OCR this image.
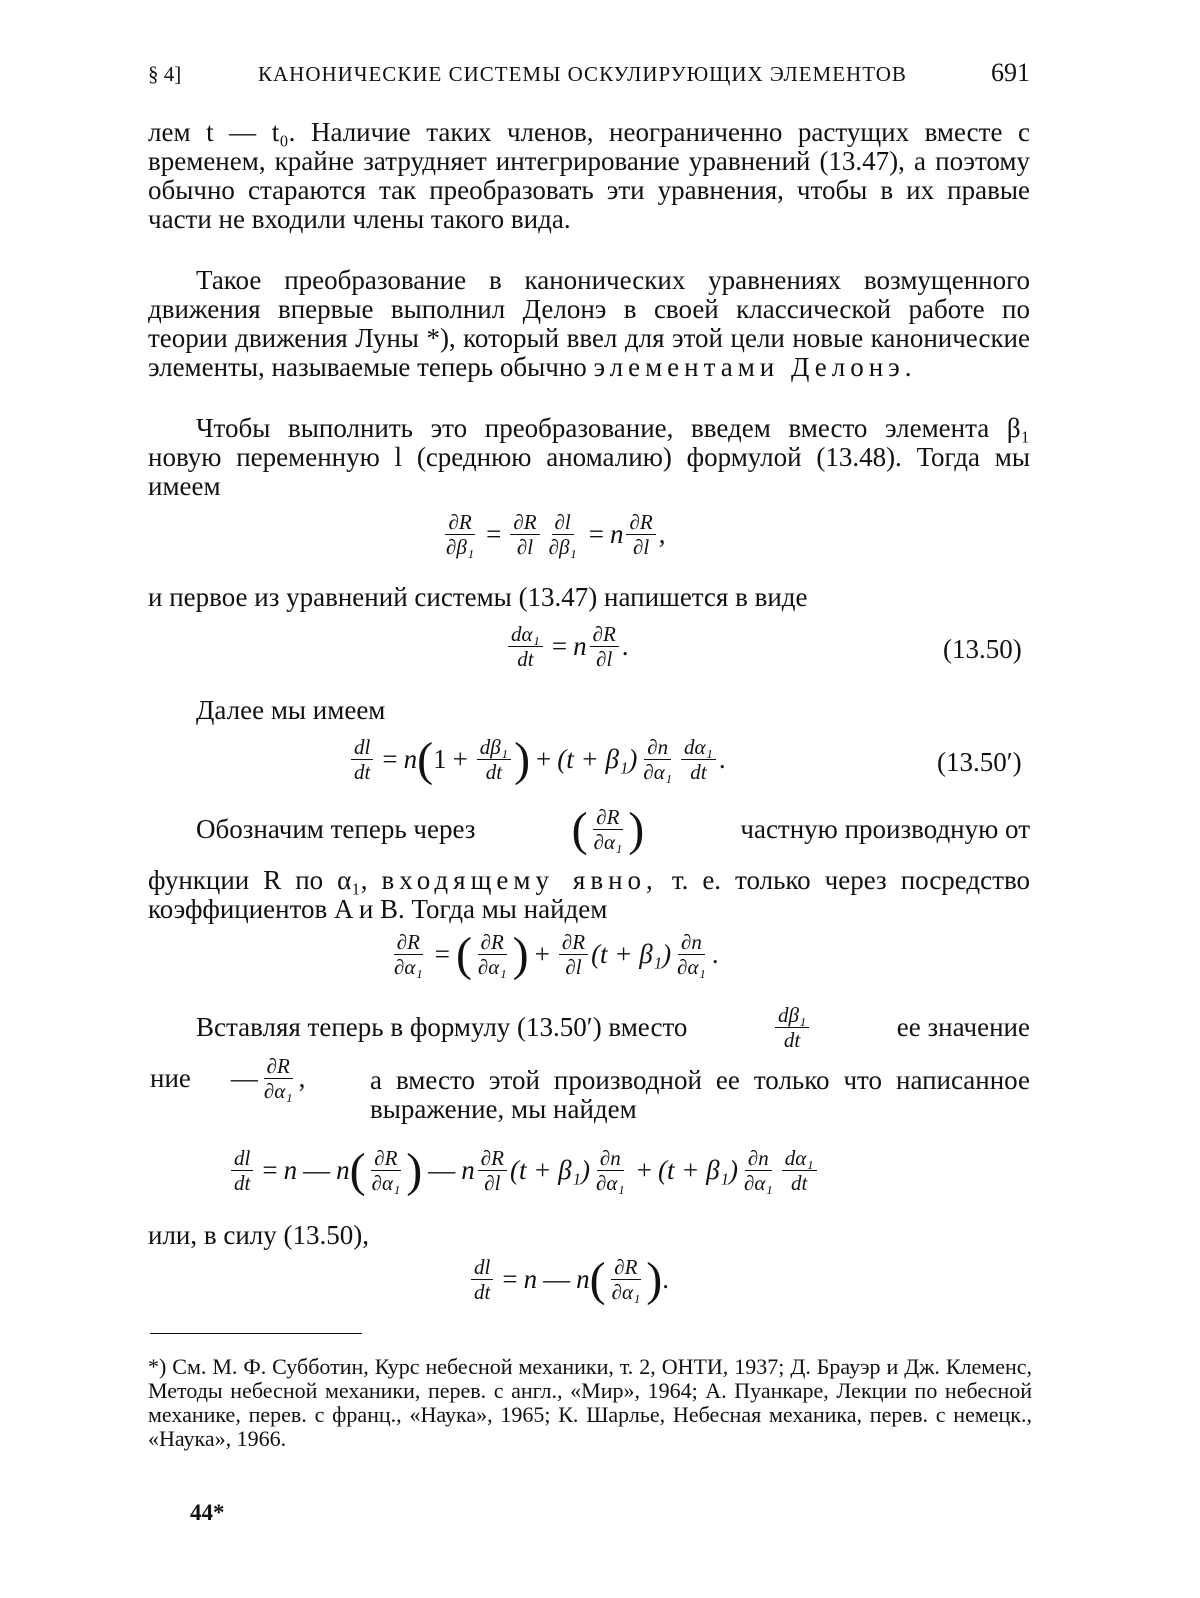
§ 4]	КАНОНИЧЕСКИЕ СИСТЕМЫ ОСКУЛИРУЮЩИХ ЭЛЕМЕНТОВ	691
лем t — t₀. Наличие таких членов, неограниченно растущих вместе с временем, крайне затрудняет интегрирование уравнений (13.47), а поэтому обычно стараются так преобразовать эти уравнения, чтобы в их правые части не входили члены такого вида.
Такое преобразование в канонических уравнениях возмущенного движения впервые выполнил Делонэ в своей классической работе по теории движения Луны *), который ввел для этой цели новые канонические элементы, называемые теперь обычно элементами Делонэ.
Чтобы выполнить это преобразование, введем вместо элемента β₁ новую переменную l (среднюю аномалию) формулой (13.48). Тогда мы имеем
$\frac{\partial R}{\text{∂β₁}} = \frac{\partial R}{\partial l} \frac{\partial l}{\text{∂β₁}} = n \frac{\partial R}{\partial l}$ ,
и первое из уравнений системы (13.47) напишется в виде
$\frac{\text{dα₁}}{dt} = n \frac{\partial R}{\partial l}$ .	(13.50)
Далее мы имеем
$\frac{dl}{dt} = n$ ( $1 + \frac{\text{dβ₁}}{dt}$ ) + $(t + \beta_1) \frac{\partial n}{\text{∂α₁}} \frac{\text{dα₁}}{dt}$ .	(13.50′)
Обозначим теперь через ( $\frac{\partial R}{\text{∂α₁}}$ )	частную производную от
функции R по α₁, входящему явно, т. е. только через посредство коэффициентов A и B. Тогда мы найдем
$\frac{\partial R}{\text{∂α₁}}$ = ( $\frac{\partial R}{\text{∂α₁}}$ ) + $\frac{\partial R}{\partial l} (t + \beta_1) \frac{\partial n}{\text{∂α₁}}$ .
Вставляя теперь в формулу (13.50′) вместо	$\frac{\text{dβ₁}}{dt}$	ее значение
ние — $\frac{\partial R}{\text{∂α₁}}$ , а вместо этой производной ее только что написанное выражение, мы найдем
$\frac{dl}{dt} = n$ — n ( $\frac{\partial R}{\text{∂α₁}}$ ) — n $\frac{\partial R}{\partial l} (t + \beta_1) \frac{\partial n}{\text{∂α₁}} + (t + \beta_1) \frac{\partial n}{\text{∂α₁}} \frac{\text{dα₁}}{dt}$
или, в силу (13.50),
$\frac{dl}{dt} = n$ — n ( $\frac{\partial R}{\text{∂α₁}}$ ) .
*) См. М. Ф. Субботин, Курс небесной механики, т. 2, ОНТИ, 1937; Д. Брауэр и Дж. Клеменс, Методы небесной механики, перев. с англ., «Мир», 1964; А. Пуанкаре, Лекции по небесной механике, перев. с франц., «Наука», 1965; К. Шарлье, Небесная механика, перев. с немецк., «Наука», 1966.
44*
